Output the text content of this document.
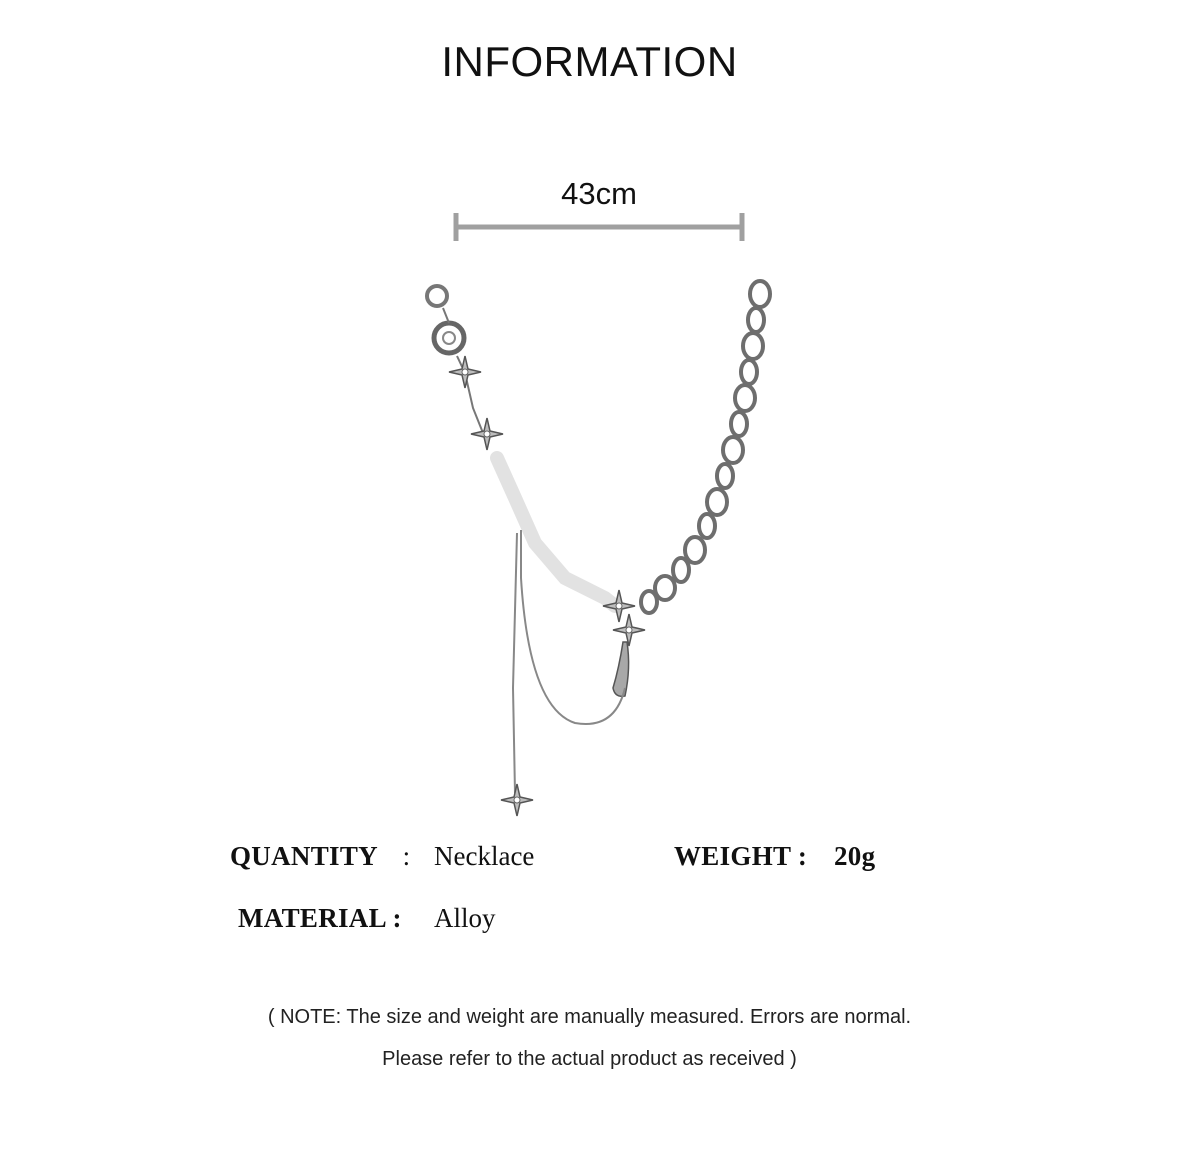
INFORMATION
43cm
QUANTITY : Necklace	WEIGHT : 20g
MATERIAL : Alloy
( NOTE: The size and weight are manually measured. Errors are normal.
Please refer to the actual product as received )
